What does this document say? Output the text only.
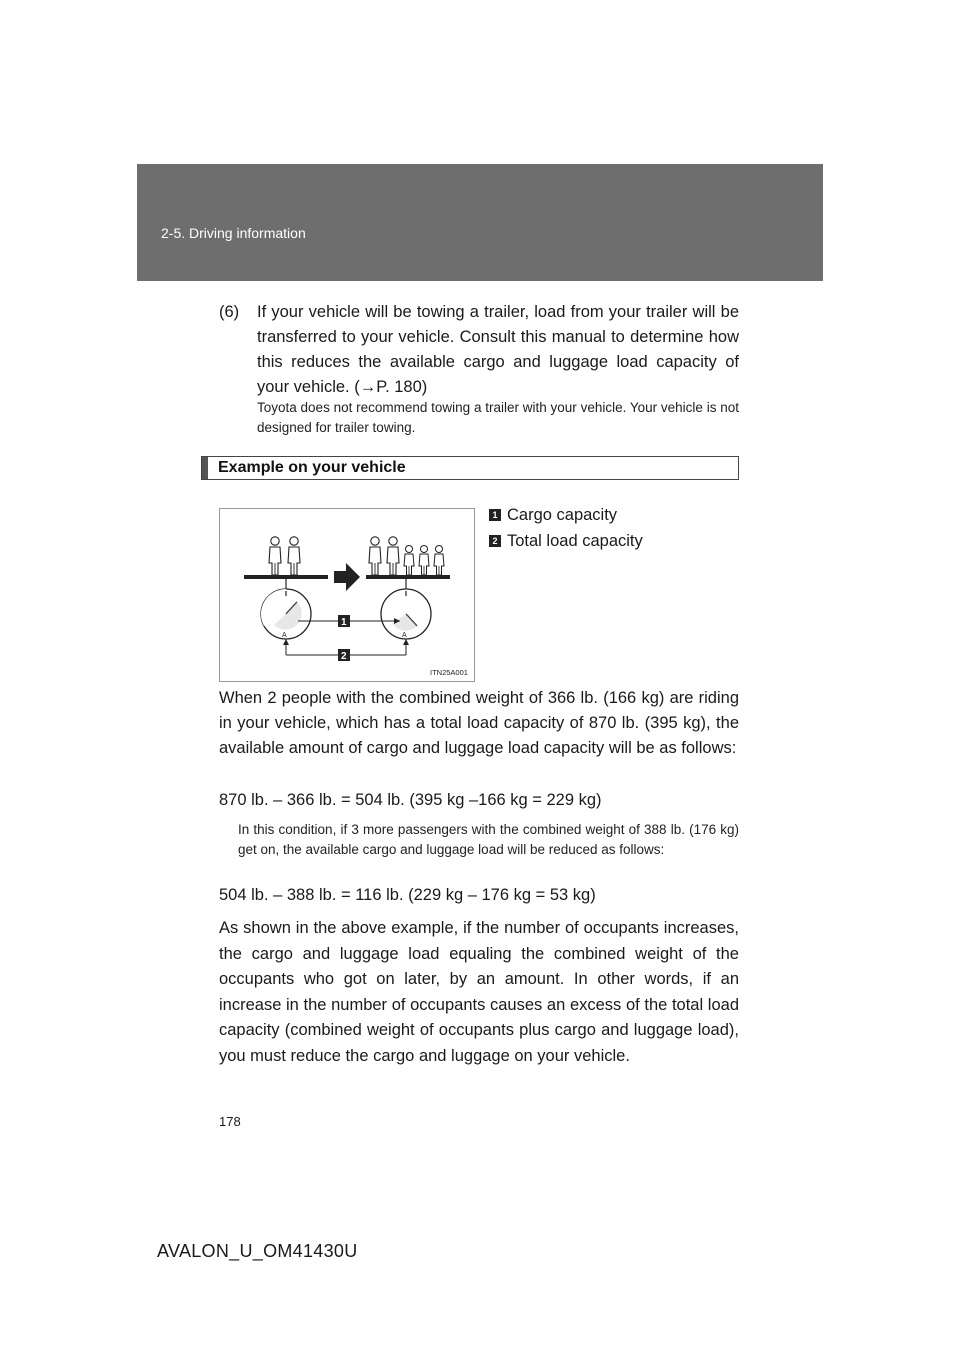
2-5. Driving information
(6) If your vehicle will be towing a trailer, load from your trailer will be transferred to your vehicle. Consult this manual to determine how this reduces the available cargo and luggage load capacity of your vehicle. (→P. 180)

Toyota does not recommend towing a trailer with your vehicle. Your vehicle is not designed for trailer towing.

Example on your vehicle
A	A
1
2
ITN25A001
1 Cargo capacity
2 Total load capacity

When 2 people with the combined weight of 366 lb. (166 kg) are riding in your vehicle, which has a total load capacity of 870 lb. (395 kg), the available amount of cargo and luggage load capacity will be as follows:

870 lb. – 366 lb. = 504 lb. (395 kg –166 kg = 229 kg)

In this condition, if 3 more passengers with the combined weight of 388 lb. (176 kg) get on, the available cargo and luggage load will be reduced as follows:

504 lb. – 388 lb. = 116 lb. (229 kg – 176 kg = 53 kg)

As shown in the above example, if the number of occupants increases, the cargo and luggage load equaling the combined weight of the occupants who got on later, by an amount. In other words, if an increase in the number of occupants causes an excess of the total load capacity (combined weight of occupants plus cargo and luggage load), you must reduce the cargo and luggage on your vehicle.

178
AVALON_U_OM41430U
